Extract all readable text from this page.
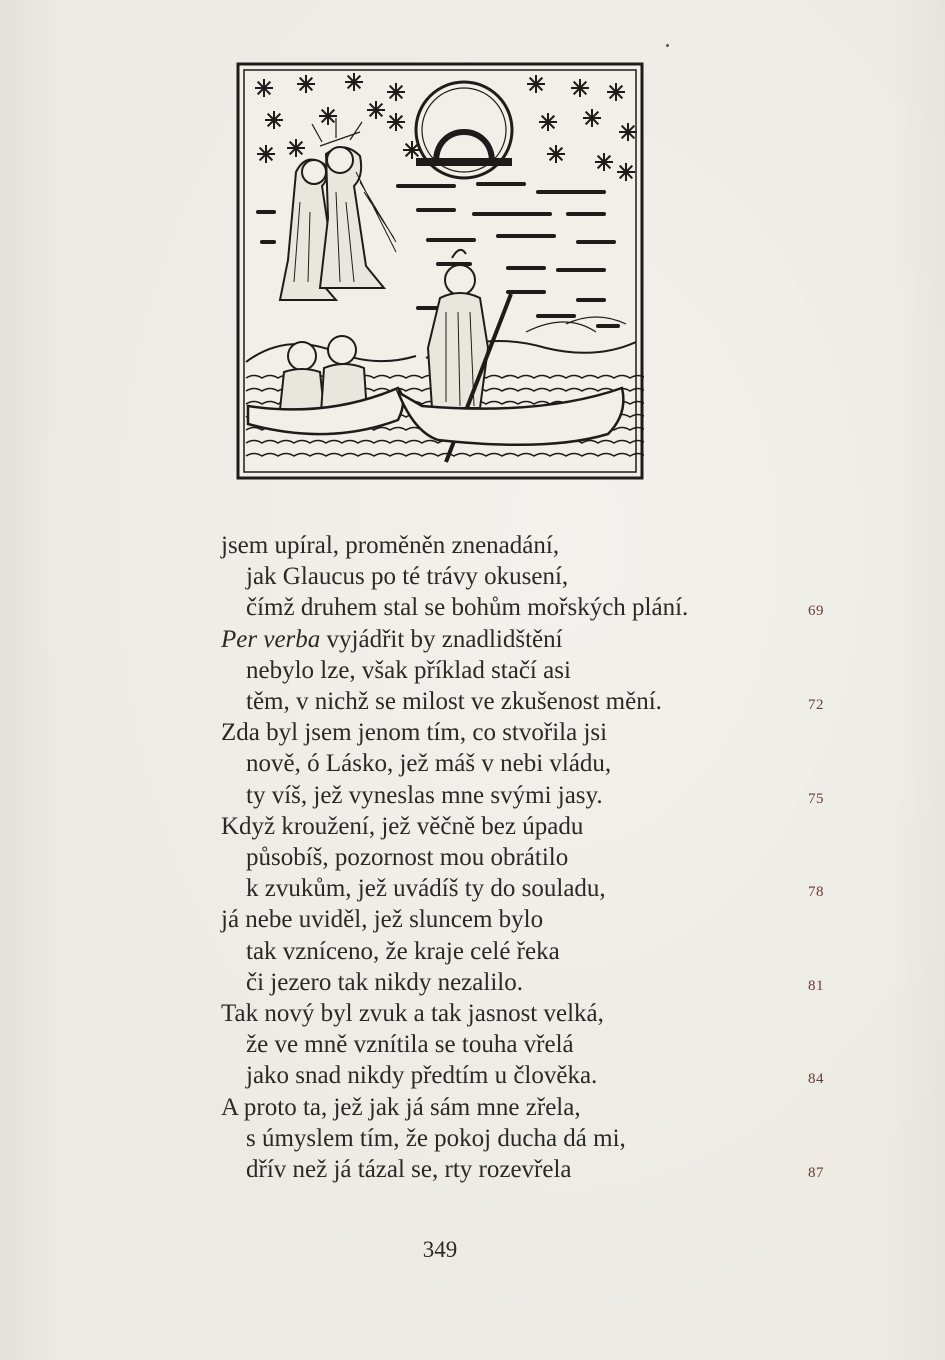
jsem upíral, proměněn znenadání,
jak Glaucus po té trávy okusení,
čímž druhem stal se bohům mořských plání.	69
Per verba vyjádřit by znadlidštění
nebylo lze, však příklad stačí asi
těm, v nichž se milost ve zkušenost mění.	72
Zda byl jsem jenom tím, co stvořila jsi
nově, ó Lásko, jež máš v nebi vládu,
ty víš, jež vyneslas mne svými jasy.	75
Když kroužení, jež věčně bez úpadu
působíš, pozornost mou obrátilo
k zvukům, jež uvádíš ty do souladu,	78
já nebe uviděl, jež sluncem bylo
tak vzníceno, že kraje celé řeka
či jezero tak nikdy nezalilo.	81
Tak nový byl zvuk a tak jasnost velká,
že ve mně vznítila se touha vřelá
jako snad nikdy předtím u člověka.	84
A proto ta, jež jak já sám mne zřela,
s úmyslem tím, že pokoj ducha dá mi,
dřív než já tázal se, rty rozevřela	87
349
